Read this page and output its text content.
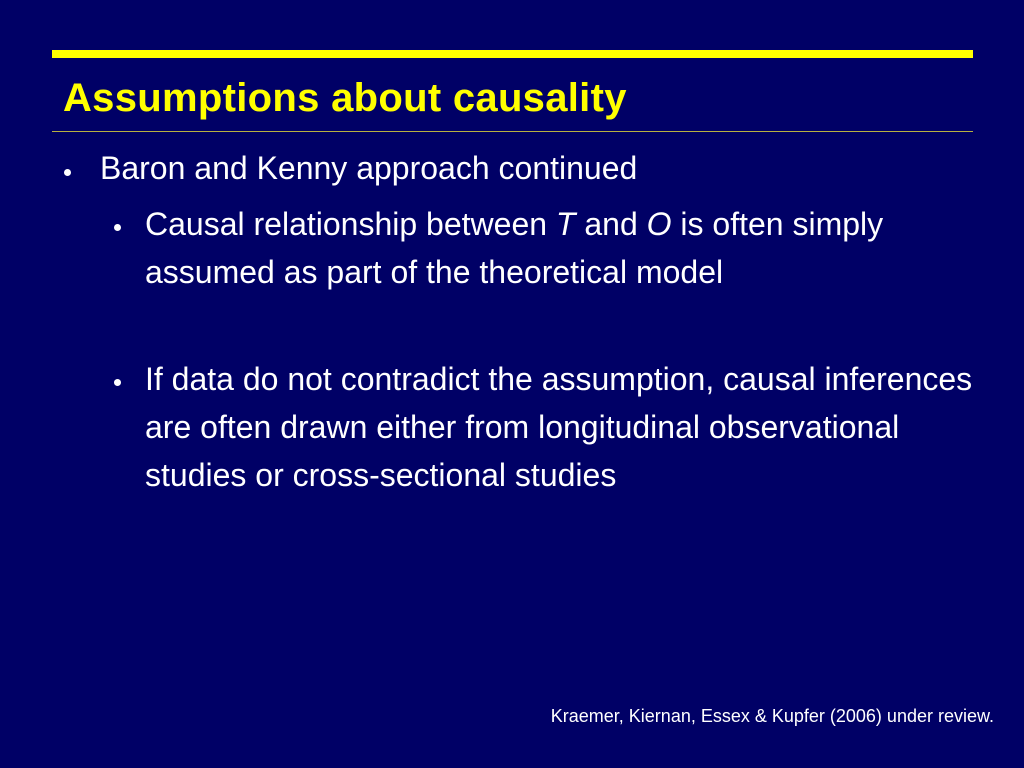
Assumptions about causality
Baron and Kenny approach continued
Causal relationship between T and O is often simply assumed as part of the theoretical model
If data do not contradict the assumption, causal inferences are often drawn either from longitudinal observational studies or cross-sectional studies
Kraemer, Kiernan, Essex & Kupfer (2006) under review.
